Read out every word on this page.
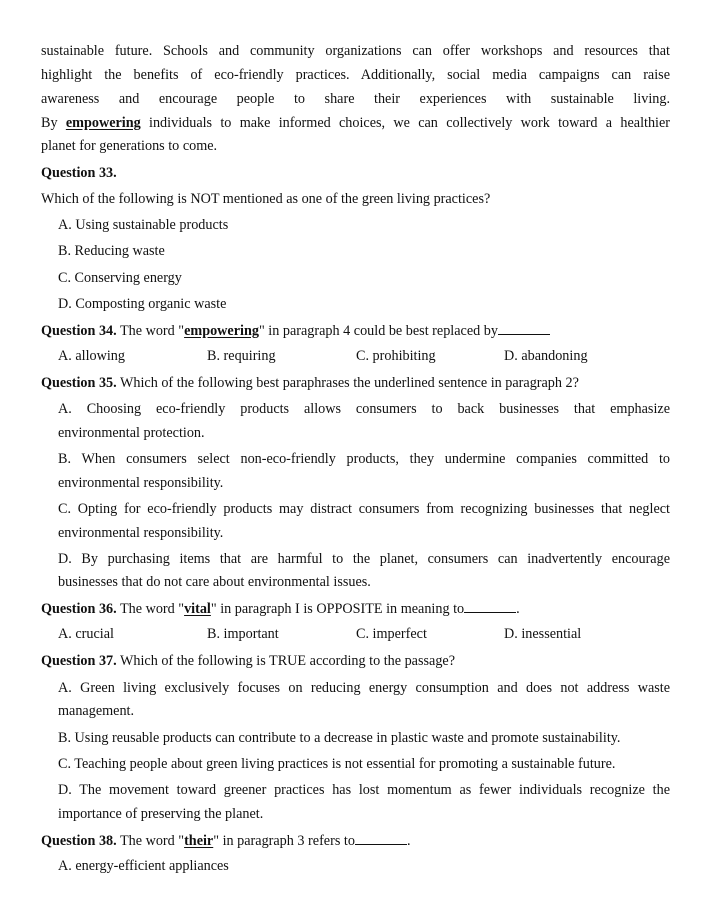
sustainable future. Schools and community organizations can offer workshops and resources that
highlight the benefits of eco-friendly practices. Additionally, social media campaigns can raise
awareness and encourage people to share their experiences with sustainable living.
By empowering individuals to make informed choices, we can collectively work toward a healthier
planet for generations to come.
Question 33.
Which of the following is NOT mentioned as one of the green living practices?
A. Using sustainable products
B. Reducing waste
C. Conserving energy
D. Composting organic waste
Question 34. The word "empowering" in paragraph 4 could be best replaced by
A. allowing	B. requiring	C. prohibiting	D. abandoning
Question 35. Which of the following best paraphrases the underlined sentence in paragraph 2?
A. Choosing eco-friendly products allows consumers to back businesses that emphasize
environmental protection.
B. When consumers select non-eco-friendly products, they undermine companies committed to
environmental responsibility.
C. Opting for eco-friendly products may distract consumers from recognizing businesses that neglect
environmental responsibility.
D. By purchasing items that are harmful to the planet, consumers can inadvertently encourage
businesses that do not care about environmental issues.
Question 36. The word "vital" in paragraph I is OPPOSITE in meaning to	.
A. crucial	B. important	C. imperfect	D. inessential
Question 37. Which of the following is TRUE according to the passage?
A. Green living exclusively focuses on reducing energy consumption and does not address waste
management.
B. Using reusable products can contribute to a decrease in plastic waste and promote sustainability.
C. Teaching people about green living practices is not essential for promoting a sustainable future.
D. The movement toward greener practices has lost momentum as fewer individuals recognize the
importance of preserving the planet.
Question 38. The word "their" in paragraph 3 refers to	.
A. energy-efficient appliances
